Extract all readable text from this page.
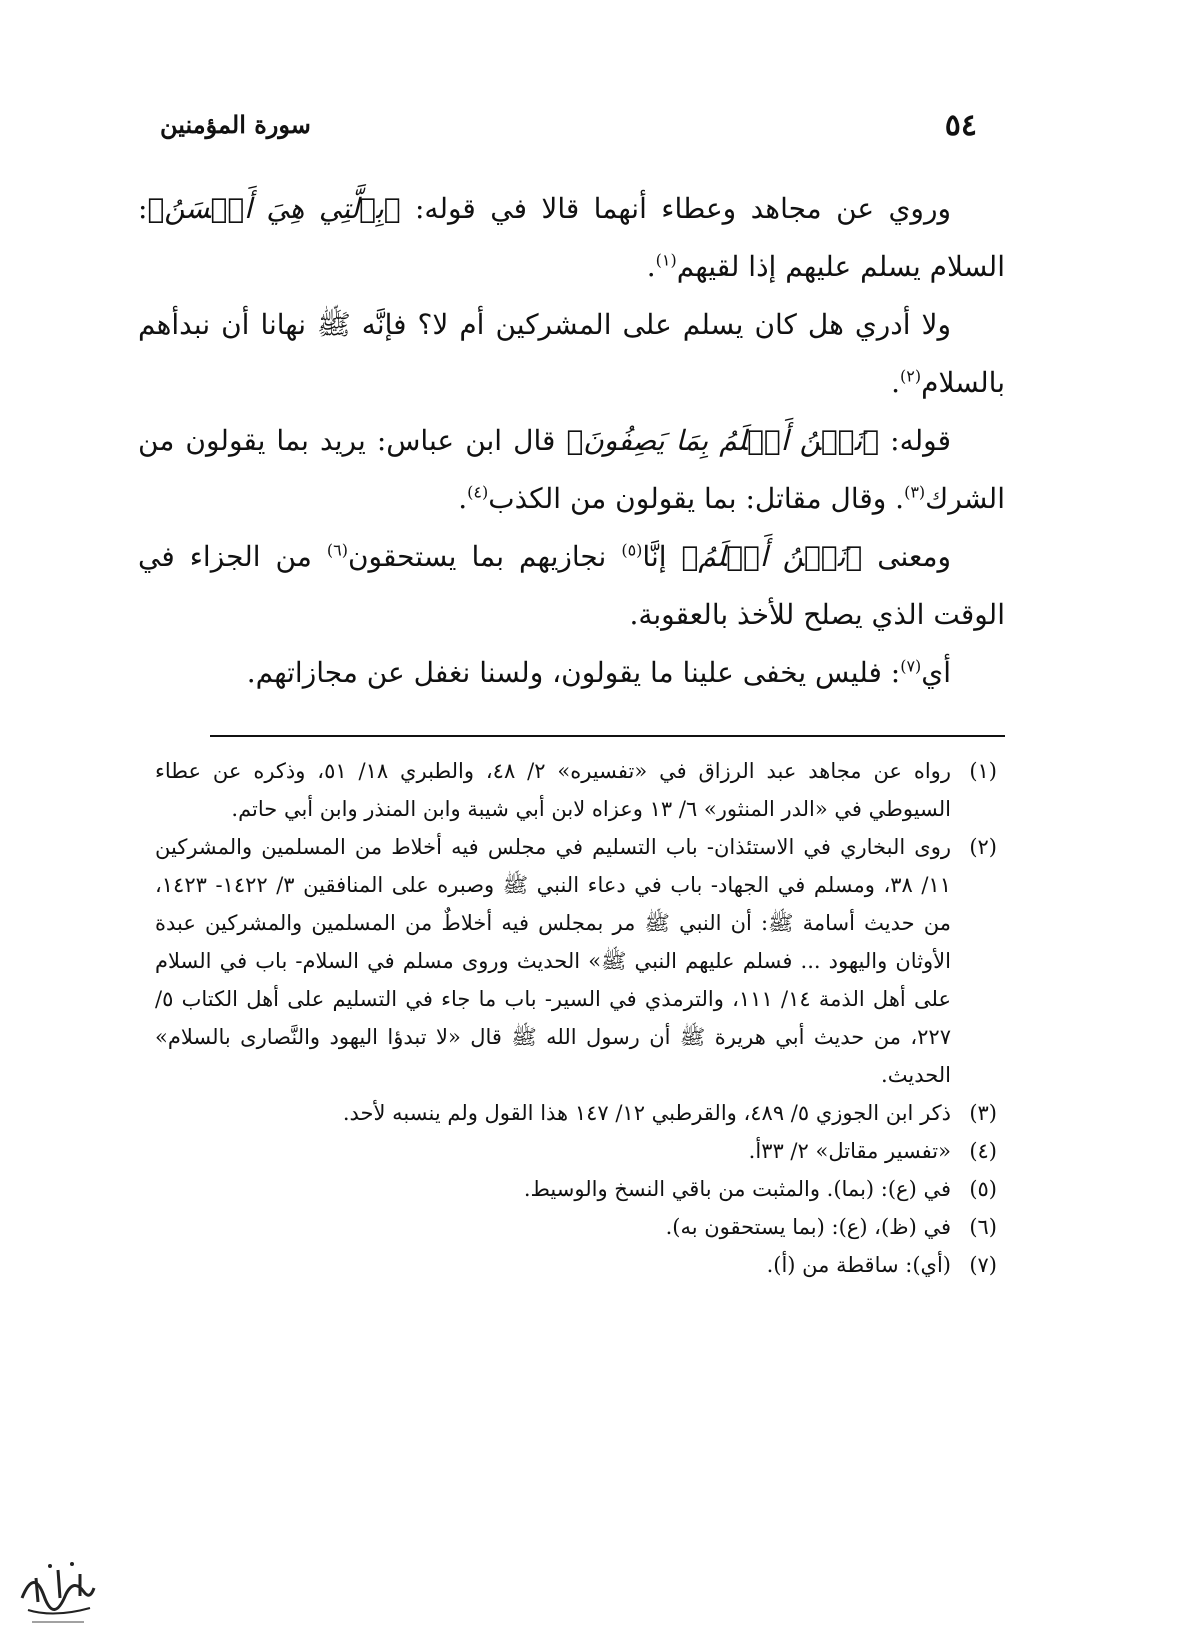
٥٤
سورة المؤمنين

وروي عن مجاهد وعطاء أنهما قالا في قوله: ﴿بِٱلَّتِي هِيَ أَحۡسَنُ﴾: السلام يسلم عليهم إذا لقيهم$^{(١)}$.

ولا أدري هل كان يسلم على المشركين أم لا؟ فإنَّه ﷺ نهانا أن نبدأهم بالسلام$^{(٢)}$.

قوله: ﴿نَحۡنُ أَعۡلَمُ بِمَا يَصِفُونَ﴾ قال ابن عباس: يريد بما يقولون من الشرك$^{(٣)}$. وقال مقاتل: بما يقولون من الكذب$^{(٤)}$.

ومعنى ﴿نَحۡنُ أَعۡلَمُ﴾ إنَّا$^{(٥)}$ نجازيهم بما يستحقون$^{(٦)}$ من الجزاء في الوقت الذي يصلح للأخذ بالعقوبة.

أي$^{(٧)}$: فليس يخفى علينا ما يقولون، ولسنا نغفل عن مجازاتهم.

(١)
رواه عن مجاهد عبد الرزاق في «تفسيره» ٢/ ٤٨، والطبري ١٨/ ٥١، وذكره عن عطاء السيوطي في «الدر المنثور» ٦/ ١٣ وعزاه لابن أبي شيبة وابن المنذر وابن أبي حاتم.
(٢)
روى البخاري في الاستئذان- باب التسليم في مجلس فيه أخلاط من المسلمين والمشركين ١١/ ٣٨، ومسلم في الجهاد- باب في دعاء النبي ﷺ وصبره على المنافقين ٣/ ١٤٢٢- ١٤٢٣، من حديث أسامة ﷺ: أن النبي ﷺ مر بمجلس فيه أخلاطٌ من المسلمين والمشركين عبدة الأوثان واليهود ... فسلم عليهم النبي ﷺ» الحديث وروى مسلم في السلام- باب في السلام على أهل الذمة ١٤/ ١١١، والترمذي في السير- باب ما جاء في التسليم على أهل الكتاب ٥/ ٢٢٧، من حديث أبي هريرة ﷺ أن رسول الله ﷺ قال «لا تبدؤا اليهود والنَّصارى بالسلام» الحديث.
(٣)
ذكر ابن الجوزي ٥/ ٤٨٩، والقرطبي ١٢/ ١٤٧ هذا القول ولم ينسبه لأحد.
(٤)
«تفسير مقاتل» ٢/ ٣٣أ.
(٥)
في (ع): (بما). والمثبت من باقي النسخ والوسيط.
(٦)
في (ظ)، (ع): (بما يستحقون به).
(٧)
(أي): ساقطة من (أ).
